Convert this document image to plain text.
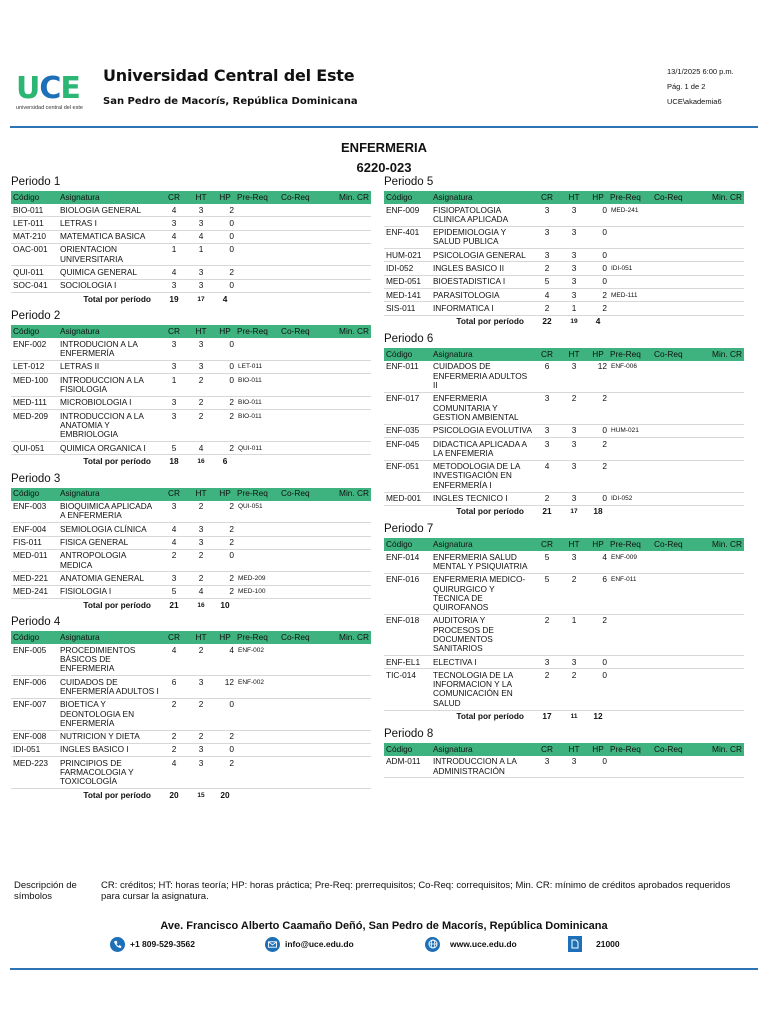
UCE
universidad central del este
Universidad Central del Este
San Pedro de Macorís, República Dominicana
13/1/2025 6:00 p.m.
Pág. 1 de 2
UCE\akademia6
ENFERMERIA
6220-023
Periodo 1
Código	Asignatura	CR	HT	HP	Pre-Req	Co-Req	Min. CR
BIO-011	BIOLOGIA GENERAL	4	3	2			
LET-011	LETRAS I	3	3	0			
MAT-210	MATEMATICA BASICA	4	4	0			
OAC-001	ORIENTACION UNIVERSITARIA	1	1	0			
QUI-011	QUIMICA GENERAL	4	3	2			
SOC-041	SOCIOLOGIA I	3	3	0			
Total por período		19	17	4			
Periodo 2
Código	Asignatura	CR	HT	HP	Pre-Req	Co-Req	Min. CR
ENF-002	INTRODUCION A LA ENFERMERÍA	3	3	0			
LET-012	LETRAS II	3	3	0	LET-011		
MED-100	INTRODUCCION A LA FISIOLOGIA	1	2	0	BIO-011		
MED-111	MICROBIOLOGIA I	3	2	2	BIO-011		
MED-209	INTRODUCCION A LA ANATOMIA Y EMBRIOLOGIA	3	2	2	BIO-011		
QUI-051	QUIMICA ORGANICA I	5	4	2	QUI-011		
Total por período		18	16	6			
Periodo 3
Código	Asignatura	CR	HT	HP	Pre-Req	Co-Req	Min. CR
ENF-003	BIOQUIMICA APLICADA A ENFERMERIA	3	2	2	QUI-051		
ENF-004	SEMIOLOGIA CLÍNICA	4	3	2			
FIS-011	FISICA GENERAL	4	3	2			
MED-011	ANTROPOLOGIA MEDICA	2	2	0			
MED-221	ANATOMIA GENERAL	3	2	2	MED-209		
MED-241	FISIOLOGIA I	5	4	2	MED-100		
Total por período		21	16	10			
Periodo 4
Código	Asignatura	CR	HT	HP	Pre-Req	Co-Req	Min. CR
ENF-005	PROCEDIMIENTOS BÁSICOS DE ENFERMERIA	4	2	4	ENF-002		
ENF-006	CUIDADOS DE ENFERMERÍA ADULTOS I	6	3	12	ENF-002		
ENF-007	BIOETICA Y DEONTOLOGIA EN ENFERMERÍA	2	2	0			
ENF-008	NUTRICION Y DIETA	2	2	2			
IDI-051	INGLES BASICO I	2	3	0			
MED-223	PRINCIPIOS DE FARMACOLOGIA Y TOXICOLOGÍA	4	3	2			
Total por período		20	15	20			
Periodo 5
Código	Asignatura	CR	HT	HP	Pre-Req	Co-Req	Min. CR
ENF-009	FISIOPATOLOGIA CLINICA APLICADA	3	3	0	MED-241		
ENF-401	EPIDEMIOLOGIA Y SALUD PUBLICA	3	3	0			
HUM-021	PSICOLOGIA GENERAL	3	3	0			
IDI-052	INGLES BASICO II	2	3	0	IDI-051		
MED-051	BIOESTADISTICA I	5	3	0			
MED-141	PARASITOLOGIA	4	3	2	MED-111		
SIS-011	INFORMATICA I	2	1	2			
Total por período		22	19	4			
Periodo 6
Código	Asignatura	CR	HT	HP	Pre-Req	Co-Req	Min. CR
ENF-011	CUIDADOS DE ENFERMERIA ADULTOS II	6	3	12	ENF-006		
ENF-017	ENFERMERIA COMUNITARIA Y GESTION AMBIENTAL	3	2	2			
ENF-035	PSICOLOGIA EVOLUTIVA	3	3	0	HUM-021		
ENF-045	DIDACTICA APLICADA A LA ENFEMERIA	3	3	2			
ENF-051	METODOLOGIA DE LA INVESTIGACIÓN EN ENFERMERÍA I	4	3	2			
MED-001	INGLES TECNICO I	2	3	0	IDI-052		
Total por período		21	17	18			
Periodo 7
Código	Asignatura	CR	HT	HP	Pre-Req	Co-Req	Min. CR
ENF-014	ENFERMERIA SALUD MENTAL Y PSIQUIATRIA	5	3	4	ENF-009		
ENF-016	ENFERMERIA MEDICO-QUIRURGICO Y TECNICA DE QUIROFANOS	5	2	6	ENF-011		
ENF-018	AUDITORIA Y PROCESOS DE DOCUMENTOS SANITARIOS	2	1	2			
ENF-EL1	ELECTIVA I	3	3	0			
TIC-014	TECNOLOGIA DE LA INFORMACION Y LA COMUNICACIÓN EN SALUD	2	2	0			
Total por período		17	11	12			
Periodo 8
Código	Asignatura	CR	HT	HP	Pre-Req	Co-Req	Min. CR
ADM-011	INTRODUCCION A LA ADMINISTRACIÓN	3	3	0			
Descripción de símbolos
CR: créditos; HT: horas teoría; HP: horas práctica; Pre-Req: prerrequisitos; Co-Req: correquisitos; Min. CR: mínimo de créditos aprobados requeridos para cursar la asignatura.
Ave. Francisco Alberto Caamaño Deñó, San Pedro de Macorís, República Dominicana
+1 809-529-3562	info@uce.edu.do	www.uce.edu.do	21000
